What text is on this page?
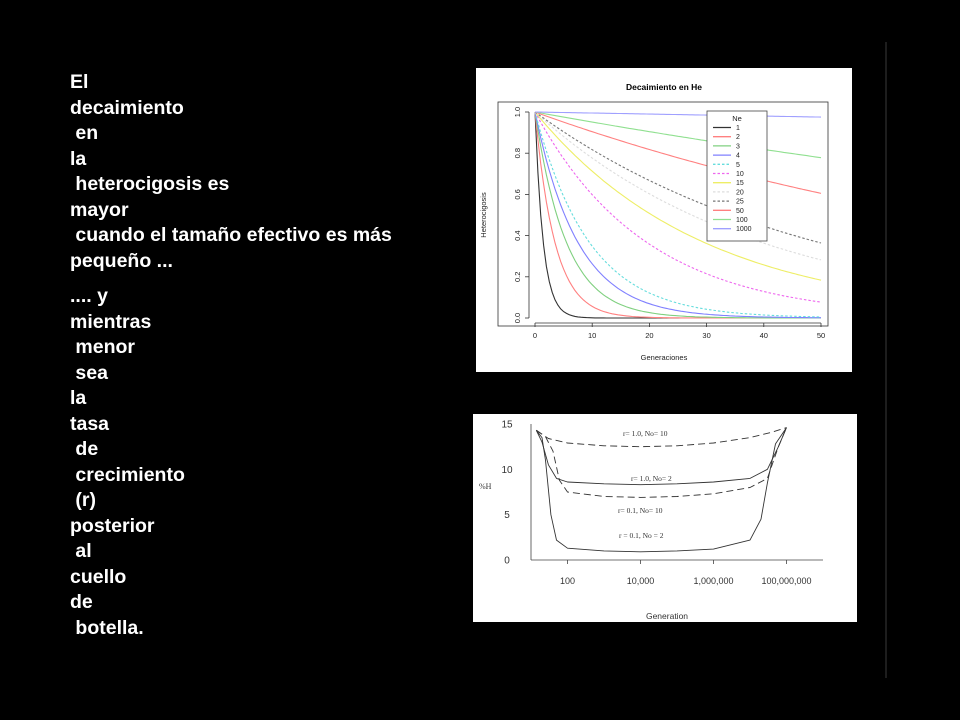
El
decaimiento
en
la
heterocigosis es
mayor
cuando el tamaño efectivo es más
pequeño ...
.... y
mientras
menor
sea
la
tasa
de
crecimiento
(r)
posterior
al
cuello
de
botella.
Decaimiento en He
0	10	20	30	40	50
0.0
0.2
0.4
0.6
0.8
1.0
Generaciones
Heterocigosis
Ne
1
2
3
4
5
10
15
20
25
50
100
1000
0
5
10
15
%H
100	10,000	1,000,000	100,000,000
Generation
r= 1.0, No= 10
r= 1.0, No= 2
r= 0.1, No= 10
r = 0.1, No = 2
